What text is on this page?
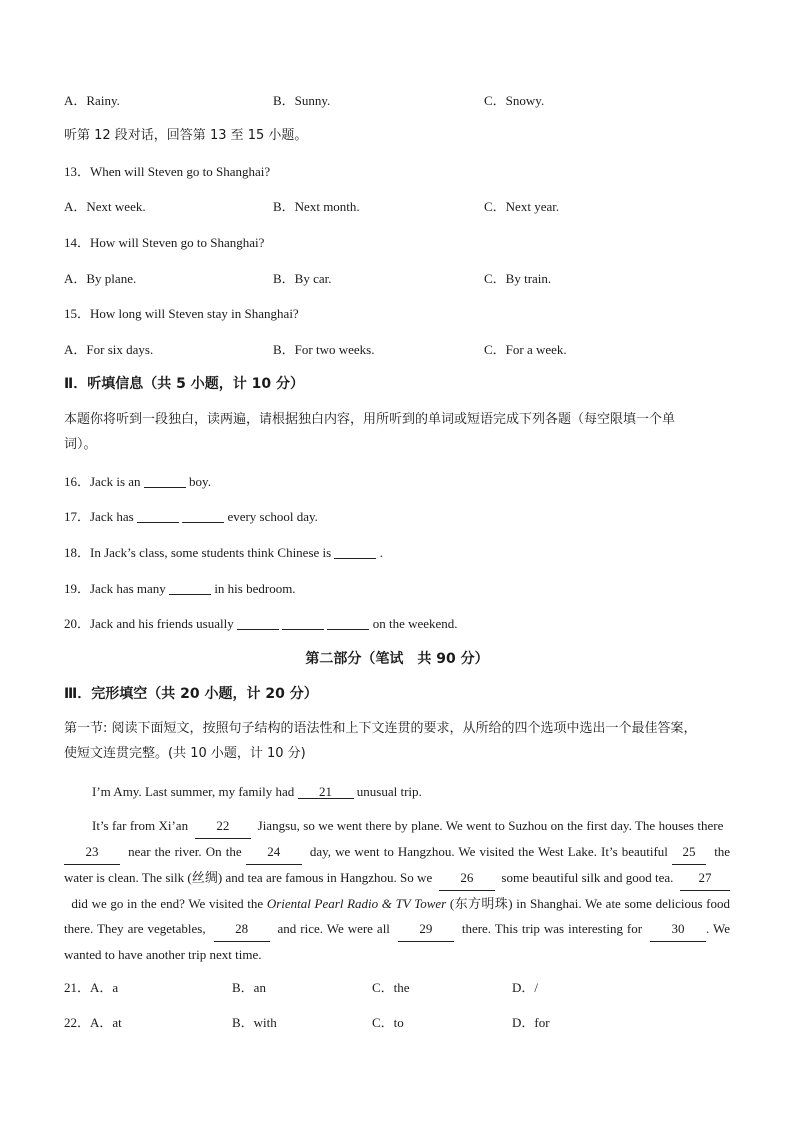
A．Rainy.	B．Sunny.	C．Snowy.
听第 12 段对话，回答第 13 至 15 小题。
13．When will Steven go to Shanghai?
A．Next week.	B．Next month.	C．Next year.
14．How will Steven go to Shanghai?
A．By plane.	B．By car.	C．By train.
15．How long will Steven stay in Shanghai?
A．For six days.	B．For two weeks.	C．For a week.
Ⅱ．听填信息（共 5 小题，计 10 分）
本题你将听到一段独白，读两遍，请根据独白内容，用所听到的单词或短语完成下列各题（每空限填一个单
词）。
16．Jack is an	boy.
17．Jack has	every school day.
18．In Jack’s class, some students think Chinese is	.
19．Jack has many	in his bedroom.
20．Jack and his friends usually	on the weekend.
第二部分（笔试　共 90 分）
Ⅲ．完形填空（共 20 小题，计 20 分）
第一节: 阅读下面短文，按照句子结构的语法性和上下文连贯的要求，从所给的四个选项中选出一个最佳答案，
使短文连贯完整。(共 10 小题，计 10 分)
I’m Amy. Last summer, my family had 21 unusual trip.
It’s far from Xi’an 22 Jiangsu, so we went there by plane. We went to Suzhou on the first day. The houses there  23 near the river. On the 24 day, we went to Hangzhou. We visited the West Lake. It’s beautiful 25 the water is clean. The silk (丝绸) and tea are famous in Hangzhou. So we 26 some beautiful silk and good tea. 27  did we go in the end? We visited the Oriental Pearl Radio & TV Tower (东方明珠) in Shanghai. We ate some delicious food there. They are vegetables, 28 and rice. We were all 29 there. This trip was interesting for 30 . We wanted to have another trip next time.
21．A．a	B．an	C．the	D．/
22．A．at	B．with	C．to	D．for
